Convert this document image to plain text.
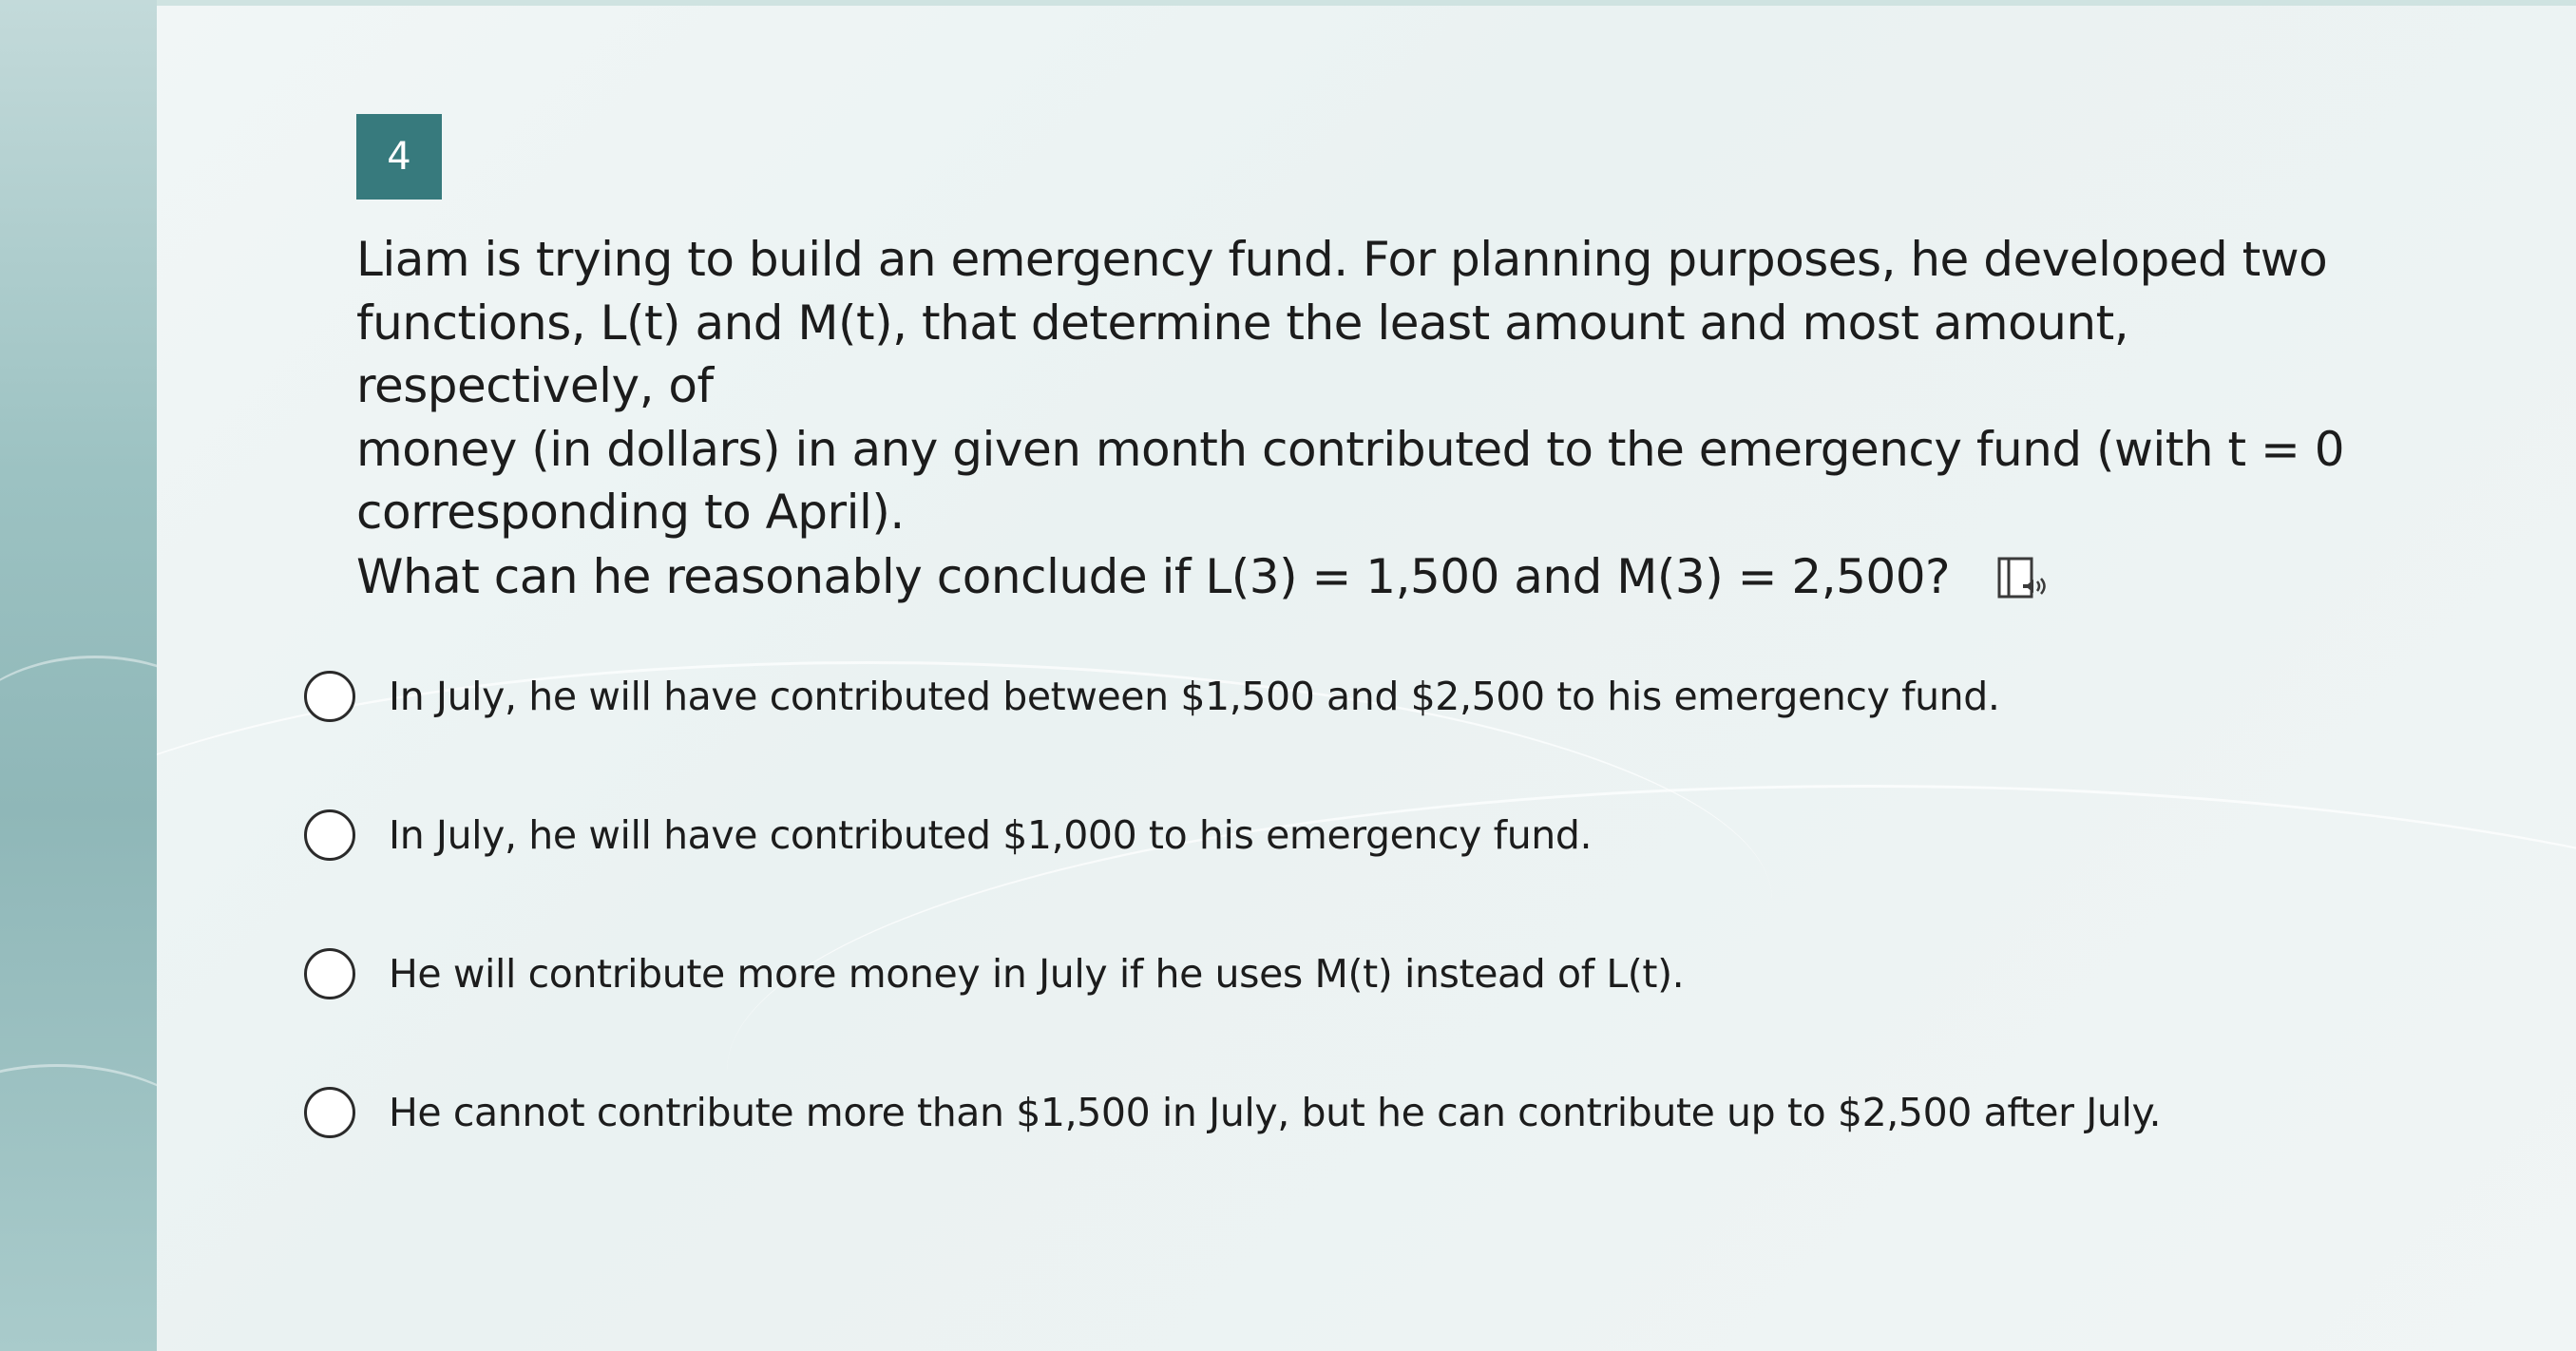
4

Liam is trying to build an emergency fund. For planning purposes, he developed two
functions, L(t) and M(t), that determine the least amount and most amount, respectively, of
money (in dollars) in any given month contributed to the emergency fund (with t = 0
corresponding to April).

What can he reasonably conclude if L(3) = 1,500 and M(3) = 2,500?
In July, he will have contributed between $1,500 and $2,500 to his emergency fund.
In July, he will have contributed $1,000 to his emergency fund.
He will contribute more money in July if he uses M(t) instead of L(t).
He cannot contribute more than $1,500 in July, but he can contribute up to $2,500 after July.
